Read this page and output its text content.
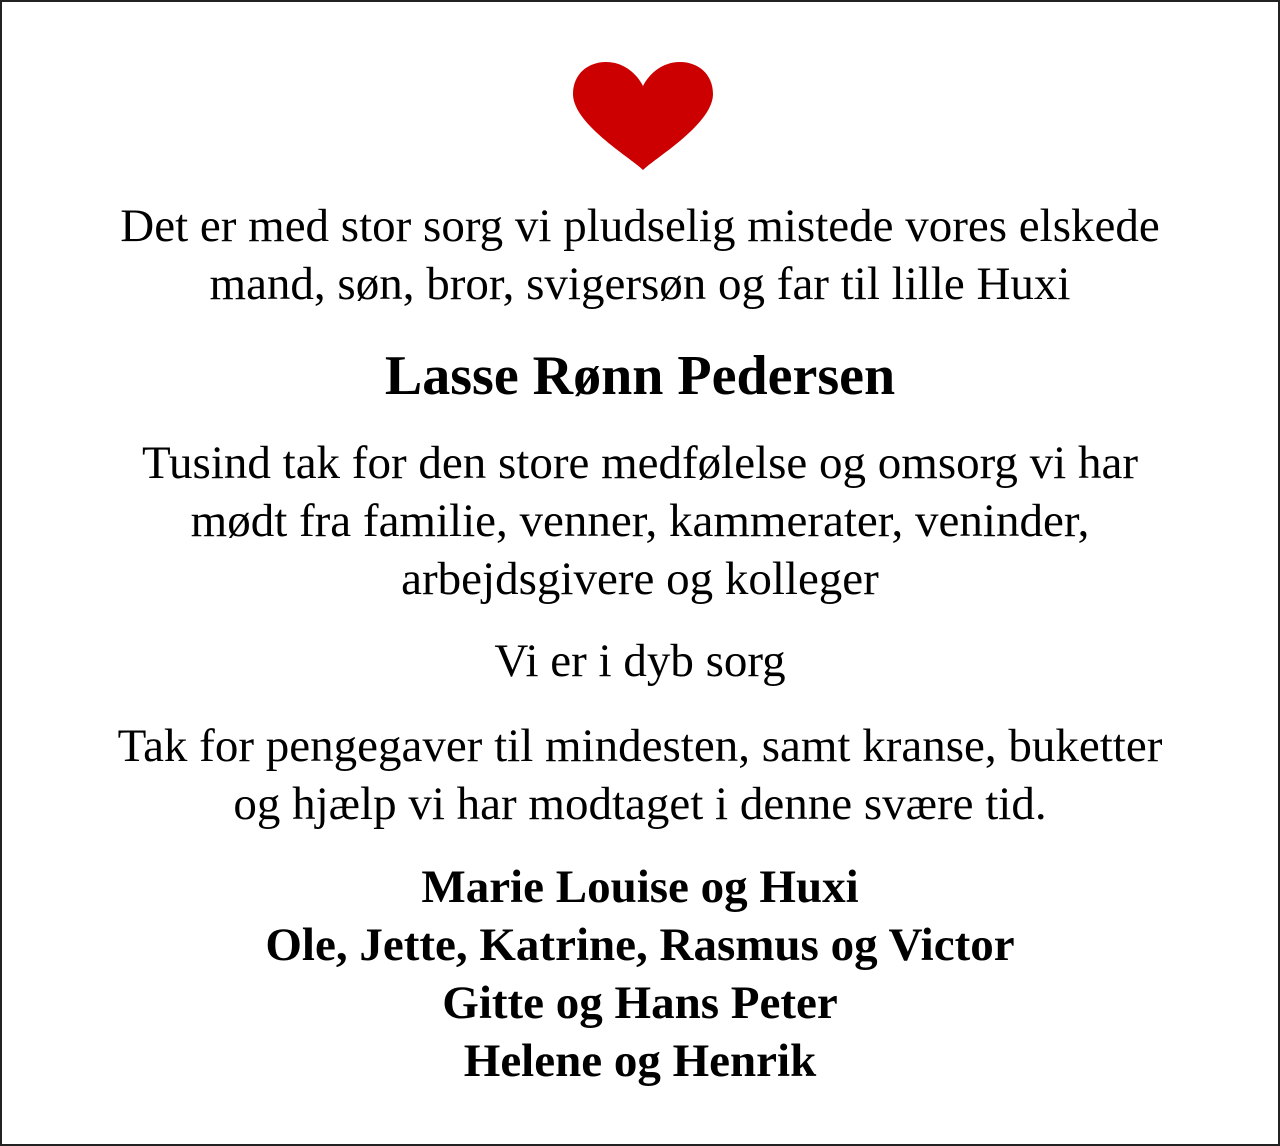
Det er med stor sorg vi pludselig mistede vores elskede
mand, søn, bror, svigersøn og far til lille Huxi
Lasse Rønn Pedersen
Tusind tak for den store medfølelse og omsorg vi har
mødt fra familie, venner, kammerater, veninder,
arbejdsgivere og kolleger
Vi er i dyb sorg
Tak for pengegaver til mindesten, samt kranse, buketter
og hjælp vi har modtaget i denne svære tid.
Marie Louise og Huxi
Ole, Jette, Katrine, Rasmus og Victor
Gitte og Hans Peter
Helene og Henrik
